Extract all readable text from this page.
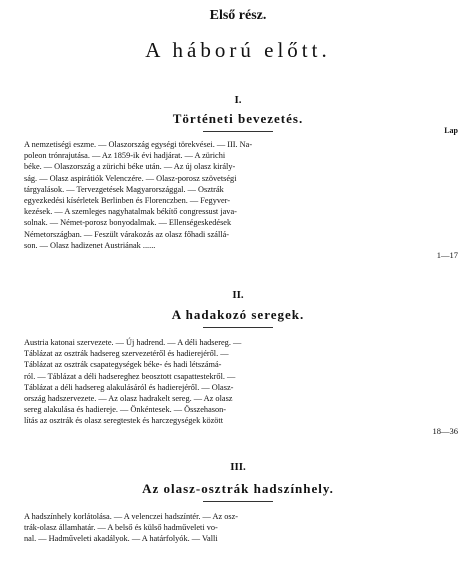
Első rész.
A háború előtt.
I.
Történeti bevezetés.
Lap
A nemzetiségi eszme. — Olaszország egységi törekvései. — III. Na-
poleon trónrajutása. — Az 1859-ik évi hadjárat. — A zürichi
béke. — Olaszország a zürichi béke után. — Az új olasz király-
ság. — Olasz aspirátiók Velenczére. — Olasz-porosz szövetségi
tárgyalások. — Tervezgetések Magyarországgal. — Osztrák
egyezkedési kísérletek Berlinben és Florenczben. — Fegyver-
kezések. — A szemleges nagyhatalmak békítő congressust java-
solnak. — Német-porosz bonyodalmak. — Ellenségeskedések
Németországban. — Feszült várakozás az olasz főhadi szállá-
son. — Olasz hadizenet Austriának ......
1—17
II.
A hadakozó seregek.
Austria katonai szervezete. — Új hadrend. — A déli hadsereg. —
Táblázat az osztrák hadsereg szervezetéről és hadierejéről. —
Táblázat az osztrák csapategységek béke- és hadi létszámá-
ról. — Táblázat a déli hadsereghez beosztott csapattestekről. —
Táblázat a déli hadsereg alakulásáról és hadierejéről. — Olasz-
ország hadszervezete. — Az olasz hadrakelt sereg. — Az olasz
sereg alakulása és hadiereje. — Önkéntesek. — Összehason-
lítás az osztrák és olasz seregtestek és harczegységek között
18—36
III.
Az olasz-osztrák hadszínhely.
A hadszínhely korlátolása. — A velenczei hadszíntér. — Az osz-
trák-olasz államhatár. — A belső és külső hadműveleti vo-
nal. — Hadműveleti akadályok. — A határfolyók. — Valli
